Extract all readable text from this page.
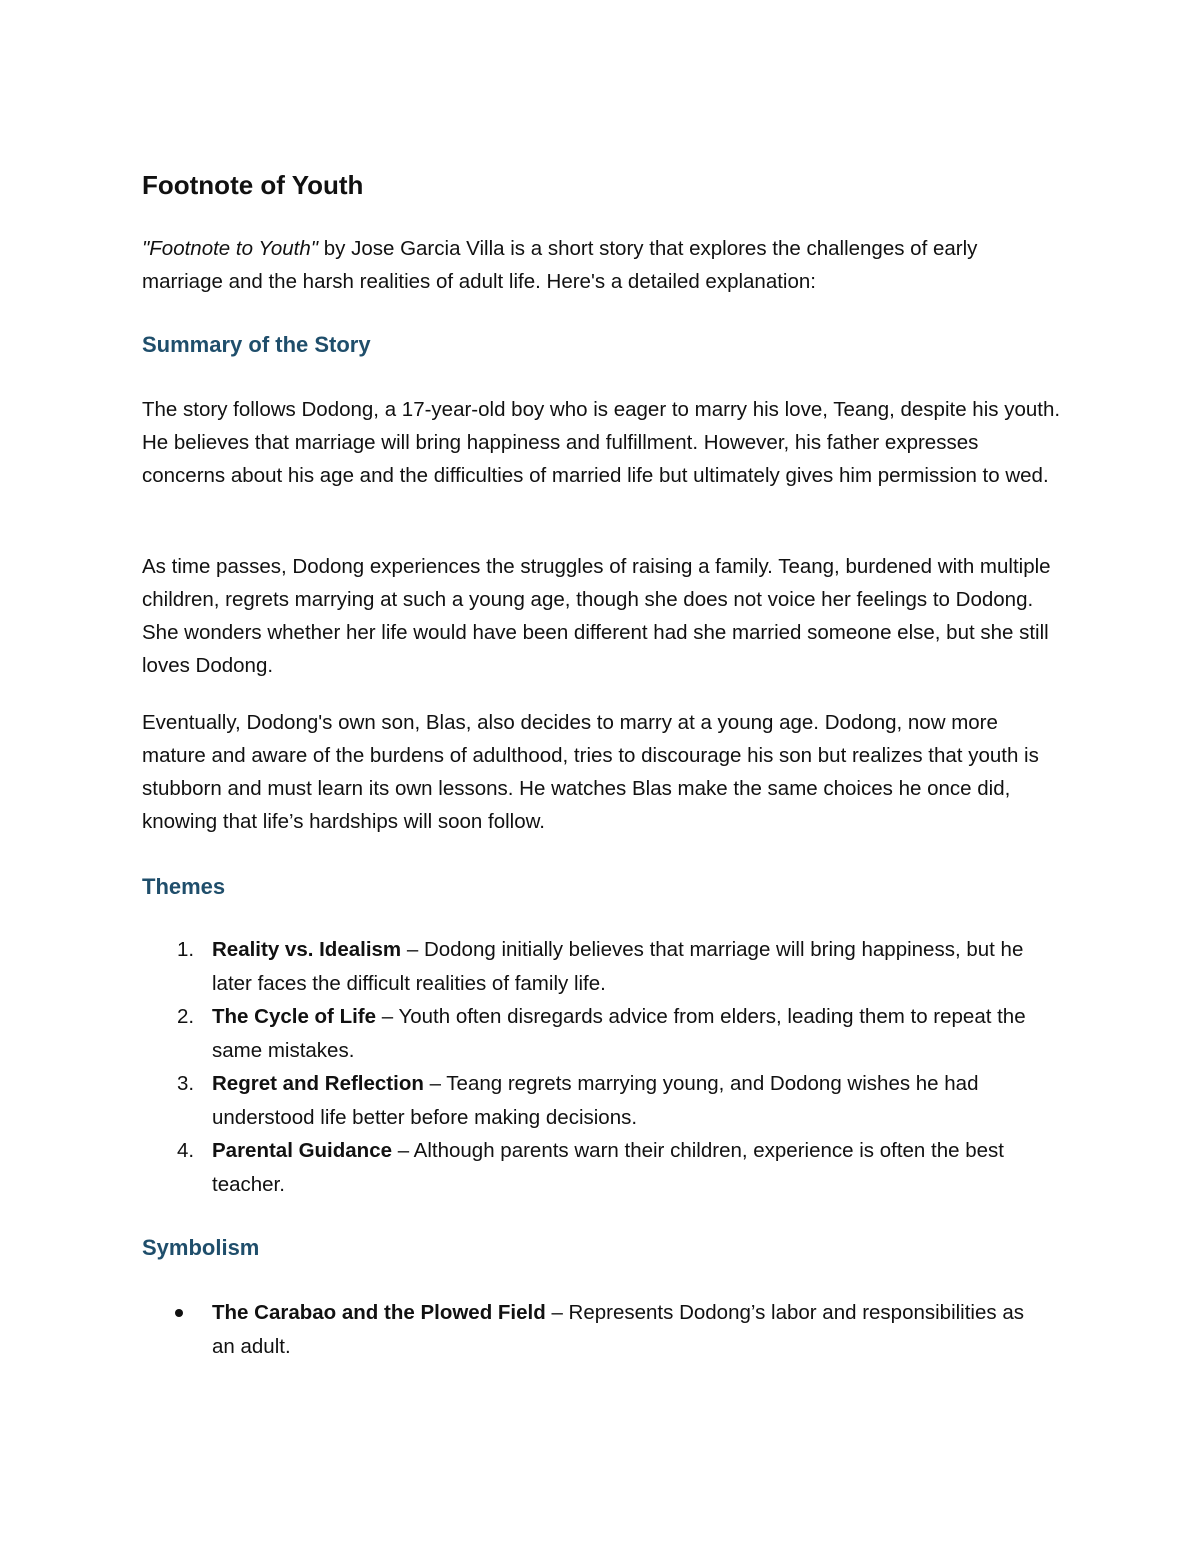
Footnote of Youth

"Footnote to Youth" by Jose Garcia Villa is a short story that explores the challenges of early marriage and the harsh realities of adult life. Here's a detailed explanation:

Summary of the Story

The story follows Dodong, a 17-year-old boy who is eager to marry his love, Teang, despite his youth. He believes that marriage will bring happiness and fulfillment. However, his father expresses concerns about his age and the difficulties of married life but ultimately gives him permission to wed.

As time passes, Dodong experiences the struggles of raising a family. Teang, burdened with multiple children, regrets marrying at such a young age, though she does not voice her feelings to Dodong. She wonders whether her life would have been different had she married someone else, but she still loves Dodong.

Eventually, Dodong's own son, Blas, also decides to marry at a young age. Dodong, now more mature and aware of the burdens of adulthood, tries to discourage his son but realizes that youth is stubborn and must learn its own lessons. He watches Blas make the same choices he once did, knowing that life’s hardships will soon follow.

Themes
1. Reality vs. Idealism – Dodong initially believes that marriage will bring happiness, but he later faces the difficult realities of family life.
2. The Cycle of Life – Youth often disregards advice from elders, leading them to repeat the same mistakes.
3. Regret and Reflection – Teang regrets marrying young, and Dodong wishes he had understood life better before making decisions.
4. Parental Guidance – Although parents warn their children, experience is often the best teacher.
Symbolism
The Carabao and the Plowed Field – Represents Dodong’s labor and responsibilities as an adult.
